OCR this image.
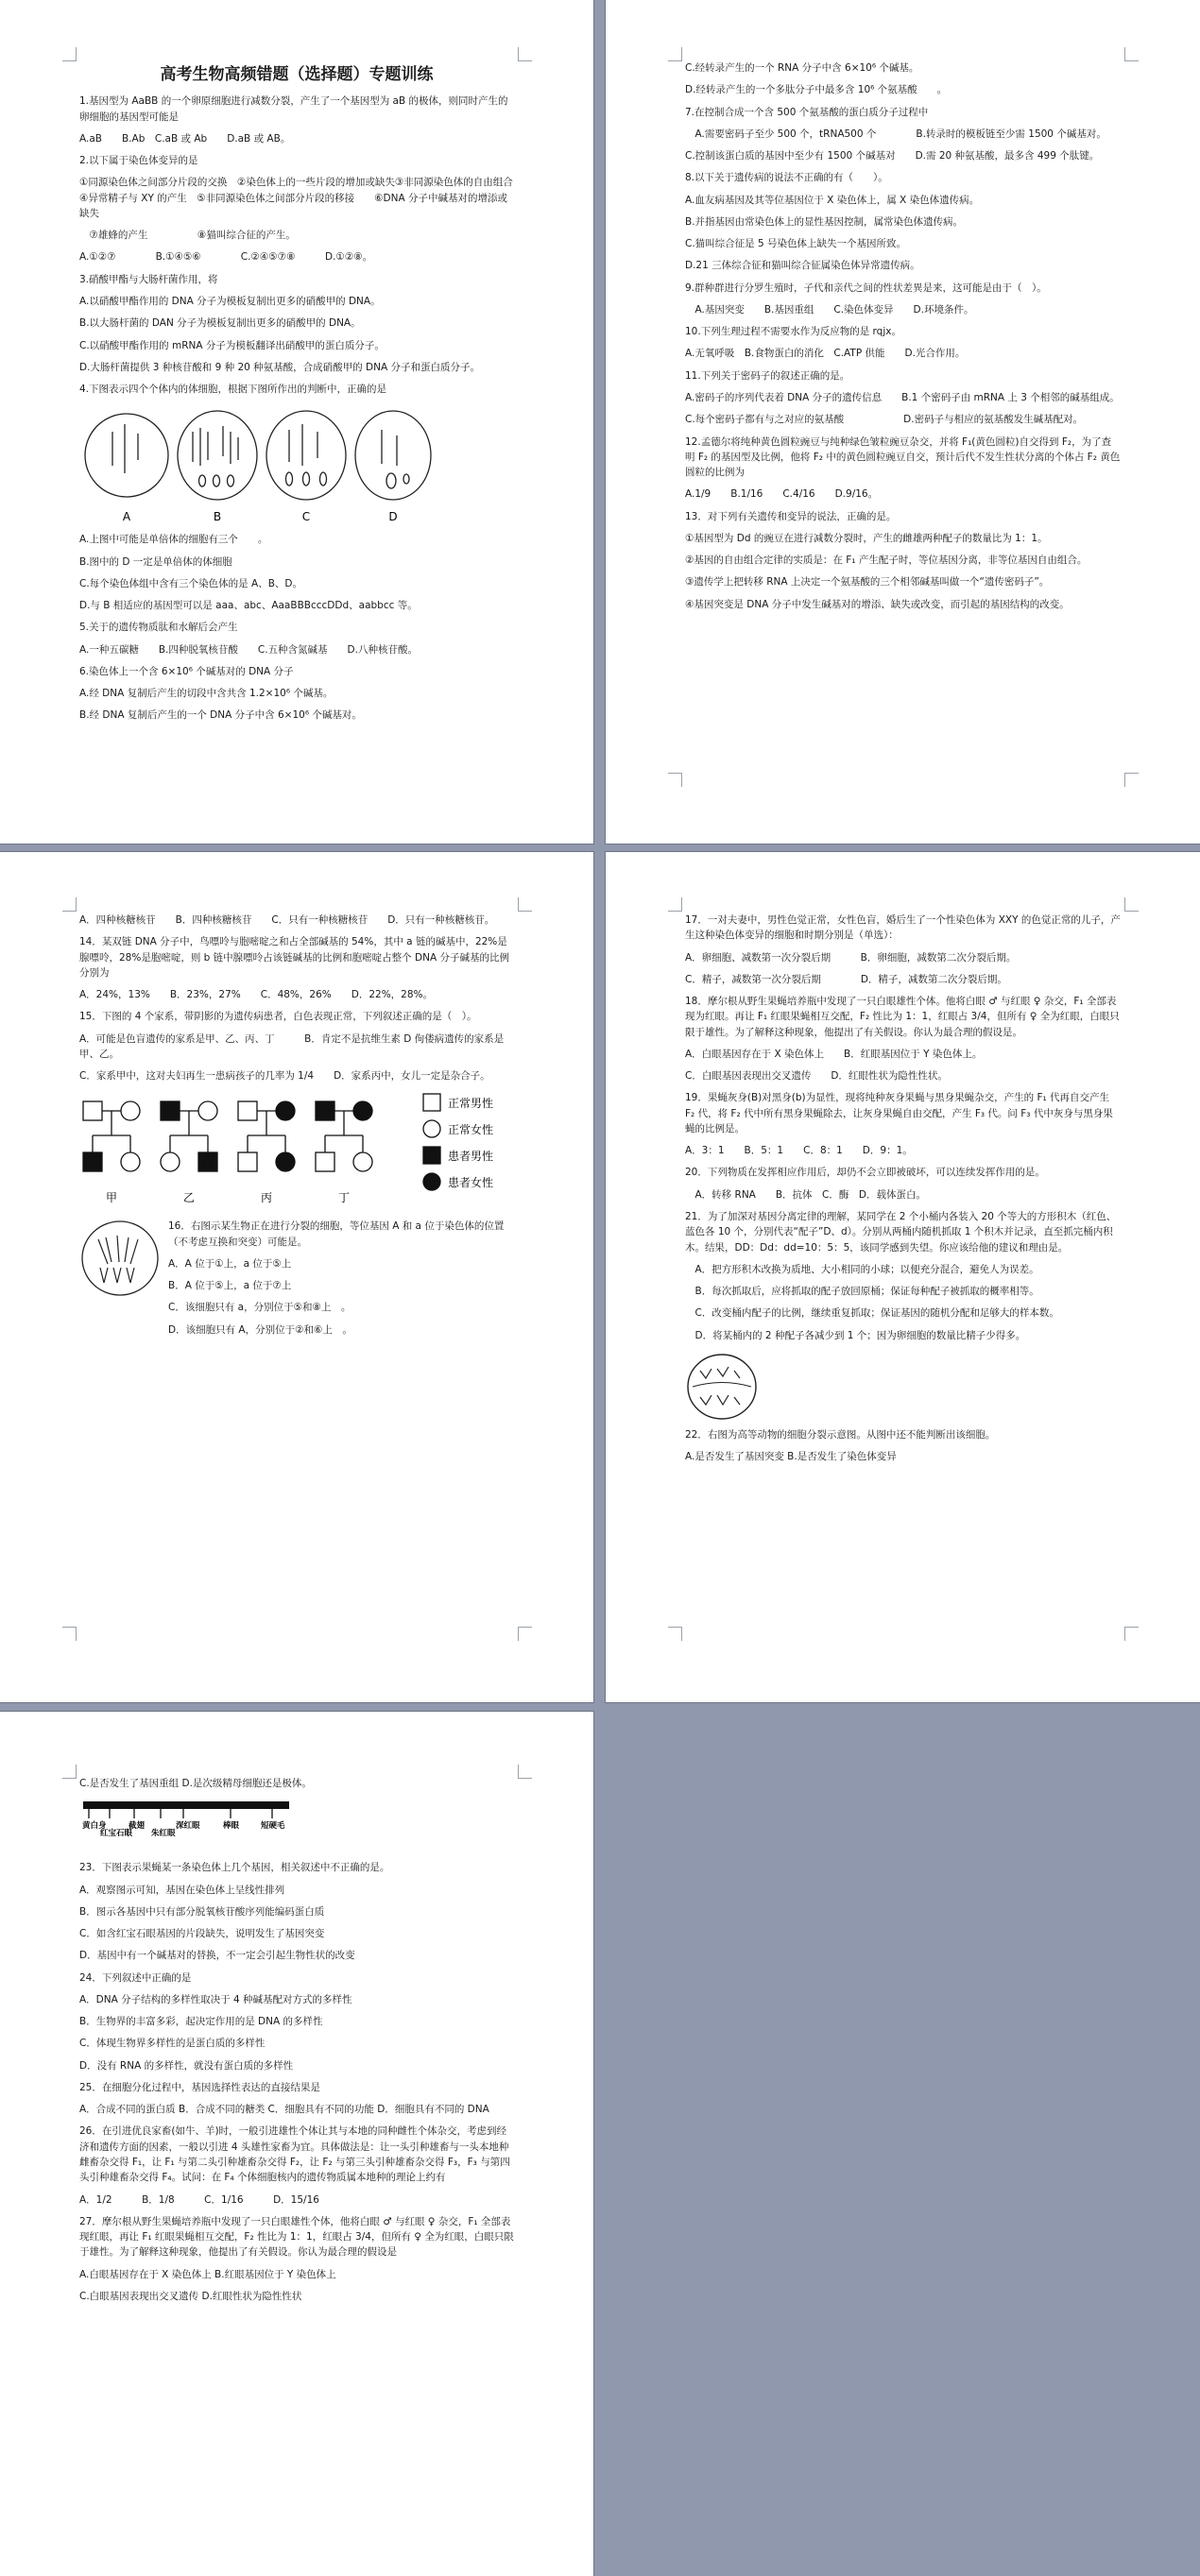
高考生物高频错题（选择题）专题训练

1.基因型为 AaBB 的一个卵原细胞进行减数分裂，产生了一个基因型为 aB 的极体，则同时产生的卵细胞的基因型可能是

A.aB　　B.Ab　C.aB 或 Ab　　D.aB 或 AB。

2.以下属于染色体变异的是

①同源染色体之间部分片段的交换　②染色体上的一些片段的增加或缺失③非同源染色体的自由组合　④异常精子与 XY 的产生　⑤非同源染色体之间部分片段的移接　　⑥DNA 分子中碱基对的增添或缺失

　⑦雄蜂的产生　　　　　⑧猫叫综合征的产生。

A.①②⑦　　　　B.①④⑤⑥　　　　C.②④⑤⑦⑧　　　D.①②⑧。

3.硝酸甲酯与大肠杆菌作用，将

A.以硝酸甲酯作用的 DNA 分子为模板复制出更多的硝酸甲的 DNA。

B.以大肠杆菌的 DAN 分子为模板复制出更多的硝酸甲的 DNA。

C.以硝酸甲酯作用的 mRNA 分子为模板翻译出硝酸甲的蛋白质分子。

D.大肠杆菌提供 3 种核苷酸和 9 种 20 种氨基酸，合成硝酸甲的 DNA 分子和蛋白质分子。

4.下图表示四个个体内的体细胞，根据下图所作出的判断中，正确的是

A	B	C	D

A.上图中可能是单倍体的细胞有三个　　。

B.图中的 D 一定是单倍体的体细胞

C.每个染色体组中含有三个染色体的是 A、B、D。

D.与 B 相适应的基因型可以是 aaa、abc、AaaBBBcccDDd、aabbcc 等。

5.关于的遗传物质肽和水解后会产生

A.一种五碳糖　　B.四种脱氧核苷酸　　C.五种含氮碱基　　D.八种核苷酸。

6.染色体上一个含 6×10⁶ 个碱基对的 DNA 分子

A.经 DNA 复制后产生的切段中含共含 1.2×10⁶ 个碱基。

B.经 DNA 复制后产生的一个 DNA 分子中含 6×10⁶ 个碱基对。

C.经转录产生的一个 RNA 分子中含 6×10⁶ 个碱基。

D.经转录产生的一个多肽分子中最多含 10⁶ 个氨基酸　　。

7.在控制合成一个含 500 个氨基酸的蛋白质分子过程中

　A.需要密码子至少 500 个，tRNA500 个　　　　B.转录时的模板链至少需 1500 个碱基对。

C.控制该蛋白质的基因中至少有 1500 个碱基对　　D.需 20 种氨基酸，最多含 499 个肽键。

8.以下关于遗传病的说法不正确的有（　　）。

A.血友病基因及其等位基因位于 X 染色体上，属 X 染色体遗传病。

B.并指基因由常染色体上的显性基因控制，属常染色体遗传病。

C.猫叫综合征是 5 号染色体上缺失一个基因所致。

D.21 三体综合征和猫叫综合征属染色体异常遗传病。

9.群种群进行分罗生殖时，子代和亲代之间的性状差異是来，这可能是由于（　）。

　A.基因突变　　B.基因重组　　C.染色体变异　　D.环境条件。

10.下列生理过程不需要水作为反应物的是 rqjx。

A.无氧呼吸　B.食物蛋白的消化　C.ATP 供能　　D.光合作用。

11.下列关于密码子的叙述正确的是。

A.密码子的序列代表着 DNA 分子的遗传信息　　B.1 个密码子由 mRNA 上 3 个相邻的碱基组成。

C.每个密码子都有与之对应的氨基酸　　　　　　D.密码子与相应的氨基酸发生碱基配对。

12.孟德尔将纯种黄色圆粒豌豆与纯种绿色皱粒豌豆杂交，并将 F₁(黄色圆粒)自交得到 F₂，为了查明 F₂ 的基因型及比例，他将 F₂ 中的黄色圆粒豌豆自交，预计后代不发生性状分离的个体占 F₂ 黄色圆粒的比例为

A.1/9　　B.1/16　　C.4/16　　D.9/16。

13．对下列有关遗传和变异的说法，正确的是。

①基因型为 Dd 的豌豆在进行减数分裂时，产生的雌雄两种配子的数量比为 1：1。

②基因的自由组合定律的实质是：在 F₁ 产生配子时，等位基因分离，非等位基因自由组合。

③遗传学上把转移 RNA 上决定一个氨基酸的三个相邻碱基叫做一个“遗传密码子”。

④基因突变是 DNA 分子中发生碱基对的增添、缺失或改变，而引起的基因结构的改变。

A．四种核糖核苷　　B．四种核糖核苷　　C．只有一种核糖核苷　　D．只有一种核糖核苷。

14．某双链 DNA 分子中，鸟嘌呤与胞嘧啶之和占全部碱基的 54%，其中 a 链的碱基中，22%是腺嘌呤，28%是胞嘧啶，则 b 链中腺嘌呤占该链碱基的比例和胞嘧啶占整个 DNA 分子碱基的比例分别为

A．24%，13%　　B．23%，27%　　C．48%，26%　　D．22%，28%。

15．下图的 4 个家系，带阴影的为遗传病患者，白色表现正常，下列叙述正确的是（　）。

A．可能是色盲遗传的家系是甲、乙、丙、丁　　　B．肯定不是抗维生素 D 佝偻病遗传的家系是甲、乙。

C．家系甲中，这对夫妇再生一患病孩子的几率为 1/4　　D．家系丙中，女儿一定是杂合子。

正常男性
正常女性
患者男性
患者女性
甲	乙	丙	丁

16．右图示某生物正在进行分裂的细胞，等位基因 A 和 a 位于染色体的位置（不考虑互换和突变）可能是。

A．A 位于①上，a 位于⑤上

B．A 位于⑤上，a 位于⑦上

C．该细胞只有 a，分别位于⑤和⑧上　。

D．该细胞只有 A，分别位于②和⑥上　。

17．一对夫妻中，男性色觉正常，女性色盲，婚后生了一个性染色体为 XXY 的色觉正常的儿子，产生这种染色体变异的细胞和时期分别是（单选）：

A．卵细胞、减数第一次分裂后期　　　B．卵细胞，减数第二次分裂后期。

C．精子，减数第一次分裂后期　　　　D．精子，减数第二次分裂后期。

18．摩尔根从野生果蝇培养瓶中发现了一只白眼雄性个体。他将白眼 ♂ 与红眼 ♀ 杂交，F₁ 全部表现为红眼。再让 F₁ 红眼果蝇相互交配，F₂ 性比为 1：1，红眼占 3/4，但所有 ♀ 全为红眼，白眼只限于雄性。为了解释这种现象，他提出了有关假设。你认为最合理的假设是。

A．白眼基因存在于 X 染色体上　　B．红眼基因位于 Y 染色体上。

C．白眼基因表现出交叉遗传　　D．红眼性状为隐性性状。

19．果蝇灰身(B)对黑身(b)为显性，现将纯种灰身果蝇与黑身果蝇杂交，产生的 F₁ 代再自交产生 F₂ 代，将 F₂ 代中所有黑身果蝇除去，让灰身果蝇自由交配，产生 F₃ 代。问 F₃ 代中灰身与黑身果蝇的比例是。

A．3：1　　B．5：1　　C．8：1　　D．9：1。

20．下列物质在发挥相应作用后，却仍不会立即被破坏，可以连续发挥作用的是。

　A．转移 RNA　　B．抗体　C．酶　D．载体蛋白。

21．为了加深对基因分离定律的理解，某同学在 2 个小桶内各装入 20 个等大的方形积木（红色、蓝色各 10 个，分别代表“配子”D、d）。分别从两桶内随机抓取 1 个积木并记录，直至抓完桶内积木。结果，DD：Dd：dd=10：5：5，该同学感到失望。你应该给他的建议和理由是。

　A．把方形积木改换为质地、大小相同的小球；以便充分混合，避免人为误差。

　B．每次抓取后，应将抓取的配子放回原桶；保证每种配子被抓取的概率相等。

　C．改变桶内配子的比例，继续重复抓取；保证基因的随机分配和足够大的样本数。

　D．将某桶内的 2 种配子各减少到 1 个；因为卵细胞的数量比精子少得多。

22．右图为高等动物的细胞分裂示意图。从图中还不能判断出该细胞。

A.是否发生了基因突变 B.是否发生了染色体变异

C.是否发生了基因重组 D.是次级精母细胞还是极体。

黄白身
红宝石眼
截翅
朱红眼
深红眼	棒眼	短硬毛

23．下图表示果蝇某一条染色体上几个基因，相关叙述中不正确的是。

A．观察图示可知，基因在染色体上呈线性排列

B．图示各基因中只有部分脱氧核苷酸序列能编码蛋白质

C．如含红宝石眼基因的片段缺失，说明发生了基因突变

D．基因中有一个碱基对的替换，不一定会引起生物性状的改变

24．下列叙述中正确的是

A．DNA 分子结构的多样性取决于 4 种碱基配对方式的多样性

B．生物界的丰富多彩，起决定作用的是 DNA 的多样性

C．体现生物界多样性的是蛋白质的多样性

D．没有 RNA 的多样性，就没有蛋白质的多样性

25．在细胞分化过程中，基因选择性表达的直接结果是

A．合成不同的蛋白质 B．合成不同的糖类 C．细胞具有不同的功能 D．细胞具有不同的 DNA

26．在引进优良家畜(如牛、羊)时，一般引进雄性个体让其与本地的同种雌性个体杂交，考虑到经济和遗传方面的因素，一般以引进 4 头雄性家畜为宜。具体做法是：让一头引种雄畜与一头本地种雌畜杂交得 F₁，让 F₁ 与第二头引种雄畜杂交得 F₂，让 F₂ 与第三头引种雄畜杂交得 F₃，F₃ 与第四头引种雄畜杂交得 F₄。试问：在 F₄ 个体细胞核内的遗传物质属本地种的理论上约有

A．1/2　　　B．1/8　　　C．1/16　　　D．15/16

27．摩尔根从野生果蝇培养瓶中发现了一只白眼雄性个体，他将白眼 ♂ 与红眼 ♀ 杂交，F₁ 全部表现红眼，再让 F₁ 红眼果蝇相互交配，F₂ 性比为 1：1，红眼占 3/4，但所有 ♀ 全为红眼，白眼只限于雄性。为了解释这种现象，他提出了有关假设。你认为最合理的假设是

A.白眼基因存在于 X 染色体上 B.红眼基因位于 Y 染色体上

C.白眼基因表现出交叉遗传 D.红眼性状为隐性性状
